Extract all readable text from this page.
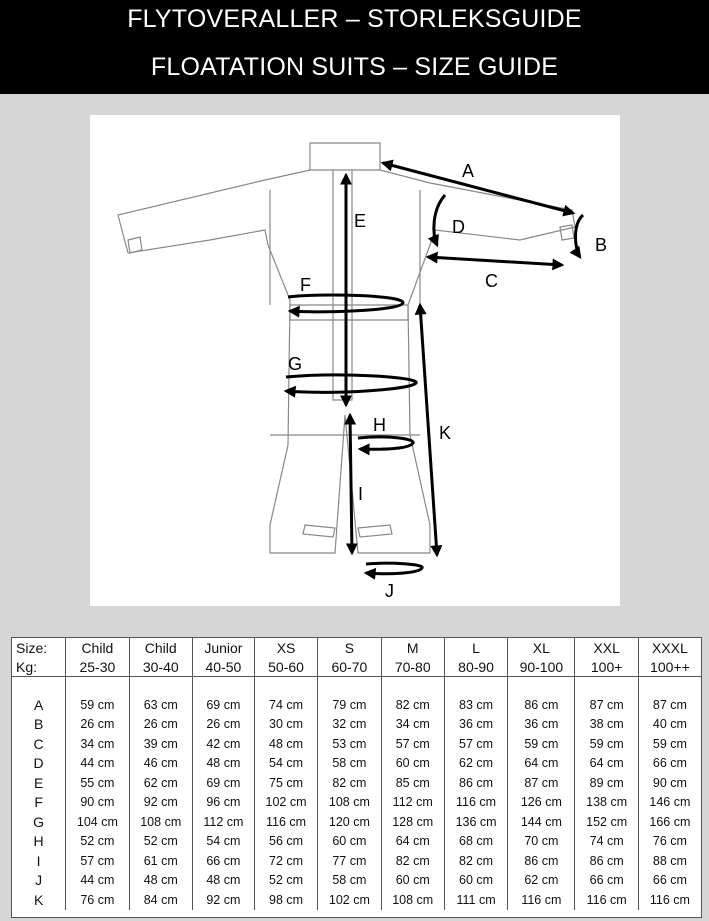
FLYTOVERALLER – STORLEKSGUIDE
FLOATATION SUITS – SIZE GUIDE
A
B
C
D
E
F
G
H
I
J
K
Size:	Child	Child	Junior	XS	S	M	L	XL	XXL	XXXL
Kg:	25-30	30-40	40-50	50-60	60-70	70-80	80-90	90-100	100+	100++

A	59 cm	63 cm	69 cm	74 cm	79 cm	82 cm	83 cm	86 cm	87 cm	87 cm
B	26 cm	26 cm	26 cm	30 cm	32 cm	34 cm	36 cm	36 cm	38 cm	40 cm
C	34 cm	39 cm	42 cm	48 cm	53 cm	57 cm	57 cm	59 cm	59 cm	59 cm
D	44 cm	46 cm	48 cm	54 cm	58 cm	60 cm	62 cm	64 cm	64 cm	66 cm
E	55 cm	62 cm	69 cm	75 cm	82 cm	85 cm	86 cm	87 cm	89 cm	90 cm
F	90 cm	92 cm	96 cm	102 cm	108 cm	112 cm	116 cm	126 cm	138 cm	146 cm
G	104 cm	108 cm	112 cm	116 cm	120 cm	128 cm	136 cm	144 cm	152 cm	166 cm
H	52 cm	52 cm	54 cm	56 cm	60 cm	64 cm	68 cm	70 cm	74 cm	76 cm
I	57 cm	61 cm	66 cm	72 cm	77 cm	82 cm	82 cm	86 cm	86 cm	88 cm
J	44 cm	48 cm	48 cm	52 cm	58 cm	60 cm	60 cm	62 cm	66 cm	66 cm
K	76 cm	84 cm	92 cm	98 cm	102 cm	108 cm	111 cm	116 cm	116 cm	116 cm
